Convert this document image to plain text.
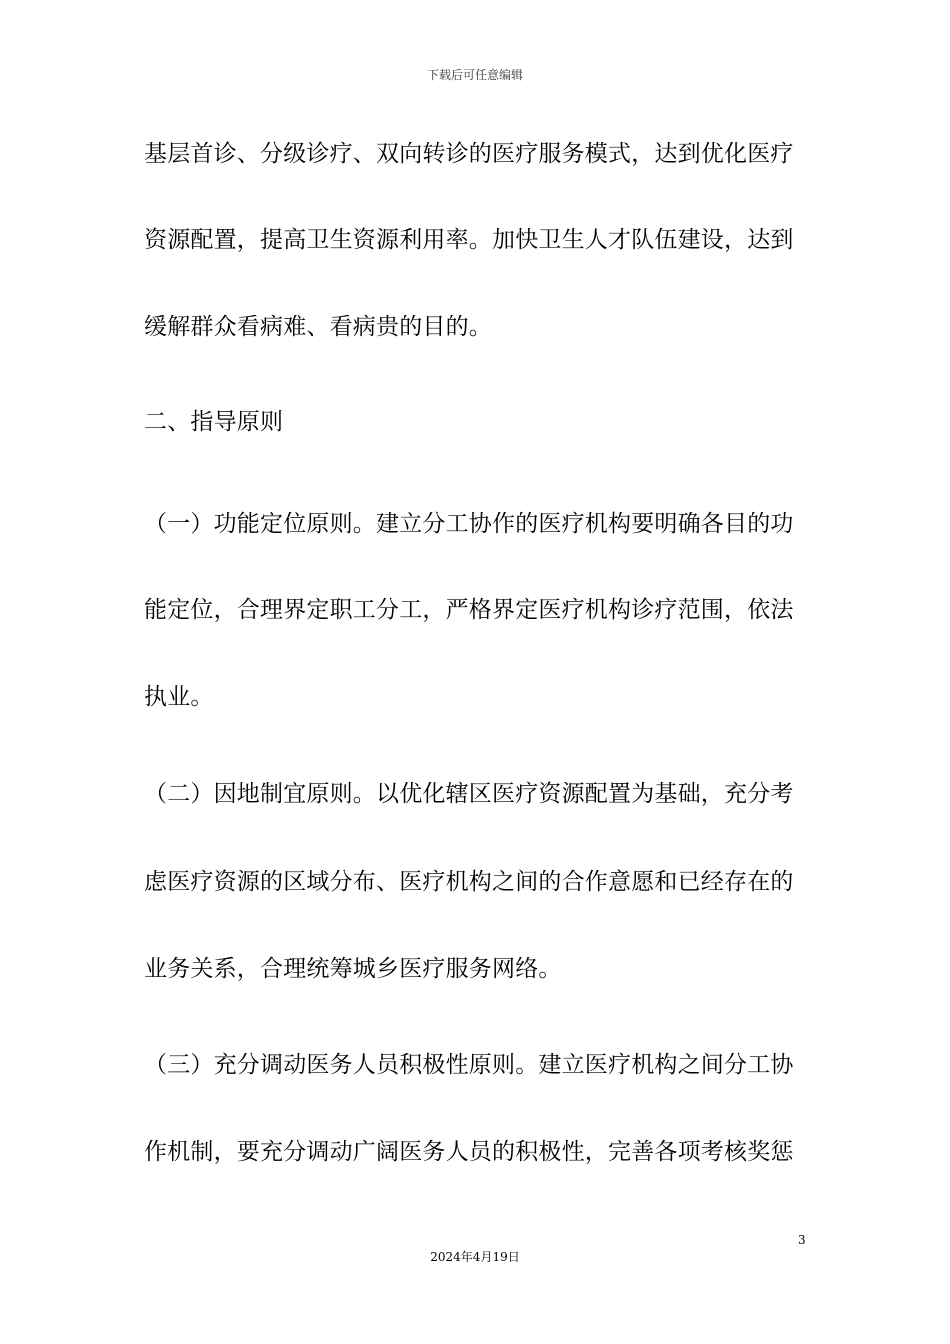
下载后可任意编辑
基层首诊、分级诊疗、双向转诊的医疗服务模式，达到优化医疗
资源配置，提高卫生资源利用率。加快卫生人才队伍建设，达到
缓解群众看病难、看病贵的目的。
二、指导原则
（一）功能定位原则。建立分工协作的医疗机构要明确各目的功
能定位，合理界定职工分工，严格界定医疗机构诊疗范围，依法
执业。
（二）因地制宜原则。以优化辖区医疗资源配置为基础，充分考
虑医疗资源的区域分布、医疗机构之间的合作意愿和已经存在的
业务关系，合理统筹城乡医疗服务网络。
（三）充分调动医务人员积极性原则。建立医疗机构之间分工协
作机制，要充分调动广阔医务人员的积极性，完善各项考核奖惩
3
2024年4月19日
